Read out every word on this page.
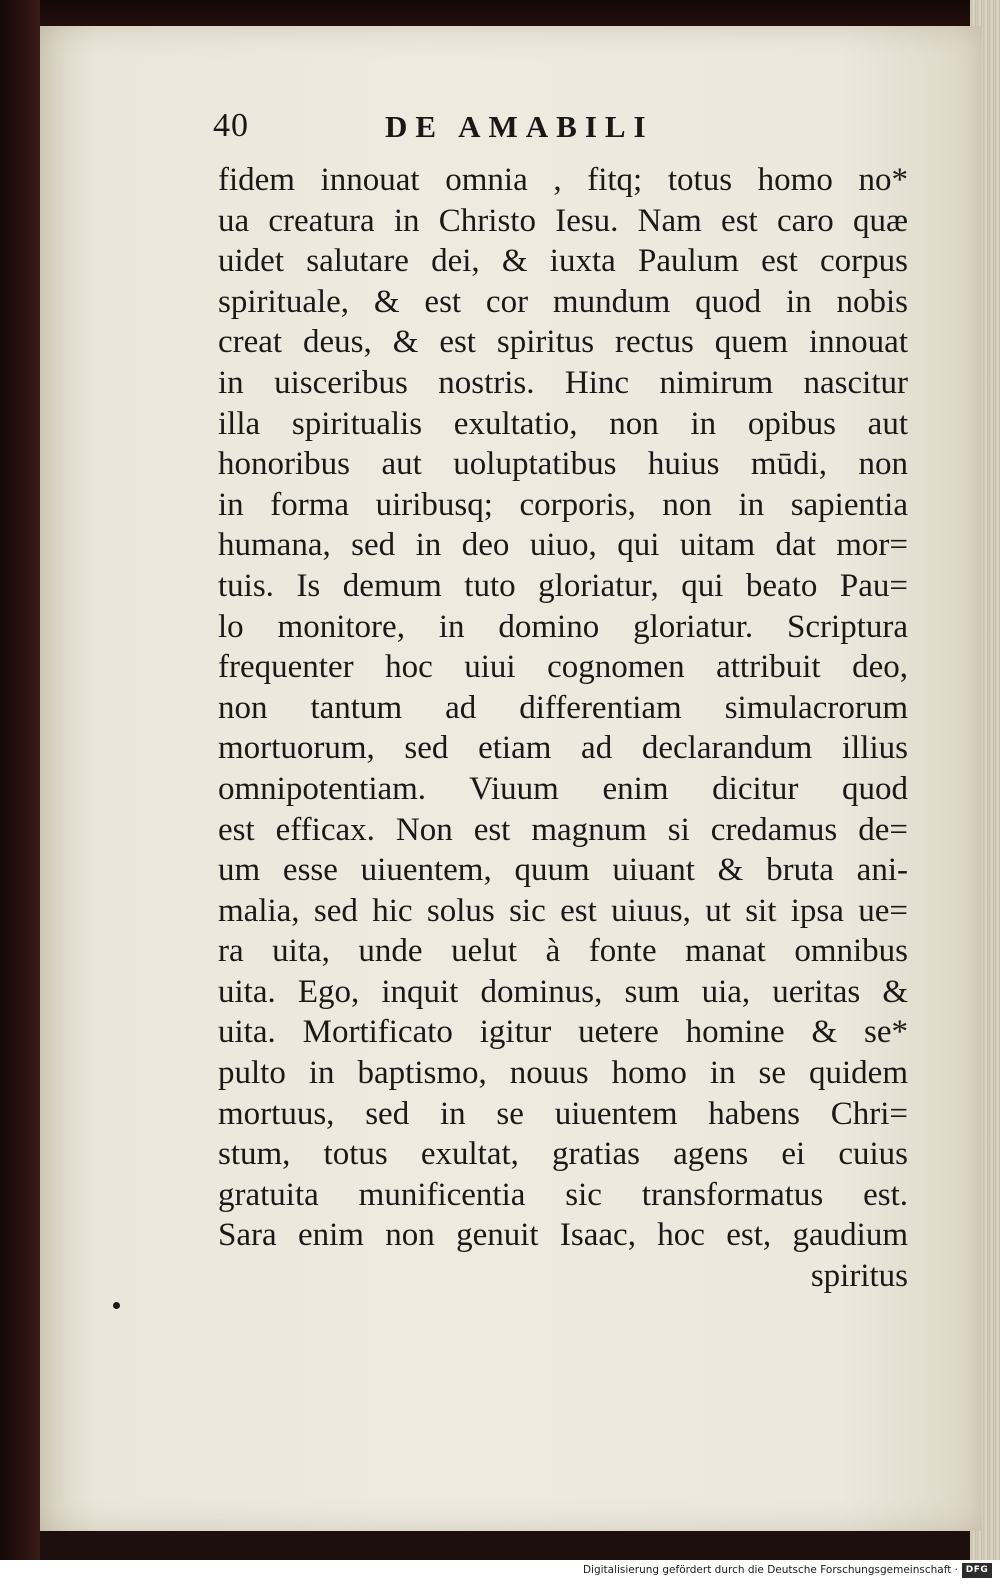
40	DE AMABILI
fidem innouat omnia , fitq; totus homo no*
ua creatura in Christo Iesu. Nam est caro quæ
uidet salutare dei, & iuxta Paulum est corpus
spirituale, & est cor mundum quod in nobis
creat deus, & est spiritus rectus quem innouat
in uisceribus nostris. Hinc nimirum nascitur
illa spiritualis exultatio, non in opibus aut
honoribus aut uoluptatibus huius mūdi, non
in forma uiribusq; corporis, non in sapientia
humana, sed in deo uiuo, qui uitam dat mor=
tuis. Is demum tuto gloriatur, qui beato Pau=
lo monitore, in domino gloriatur. Scriptura
frequenter hoc uiui cognomen attribuit deo,
non tantum ad differentiam simulacrorum
mortuorum, sed etiam ad declarandum illius
omnipotentiam. Viuum enim dicitur quod
est efficax. Non est magnum si credamus de=
um esse uiuentem, quum uiuant & bruta ani-
malia, sed hic solus sic est uiuus, ut sit ipsa ue=
ra uita, unde uelut à fonte manat omnibus
uita. Ego, inquit dominus, sum uia, ueritas &
uita. Mortificato igitur uetere homine & se*
pulto in baptismo, nouus homo in se quidem
mortuus, sed in se uiuentem habens Chri=
stum, totus exultat, gratias agens ei cuius
gratuita munificentia sic transformatus est.
Sara enim non genuit Isaac, hoc est, gaudium
spiritus
Digitalisierung gefördert durch die Deutsche Forschungsgemeinschaft · DFG
